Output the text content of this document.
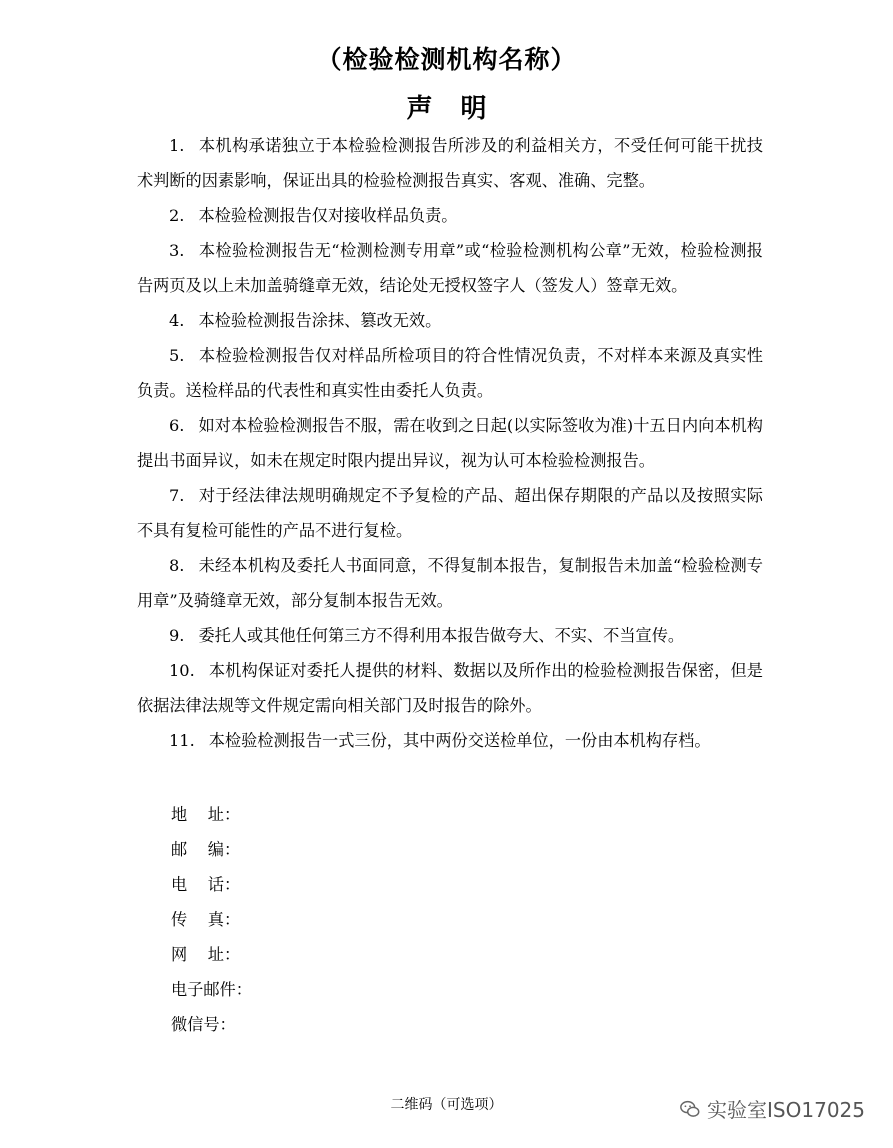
（检验检测机构名称）
声明

1. 本机构承诺独立于本检验检测报告所涉及的利益相关方，不受任何可能干扰技术判断的因素影响，保证出具的检验检测报告真实、客观、准确、完整。

2. 本检验检测报告仅对接收样品负责。

3. 本检验检测报告无“检测检测专用章”或“检验检测机构公章”无效，检验检测报告两页及以上未加盖骑缝章无效，结论处无授权签字人（签发人）签章无效。

4. 本检验检测报告涂抹、篡改无效。

5. 本检验检测报告仅对样品所检项目的符合性情况负责，不对样本来源及真实性负责。送检样品的代表性和真实性由委托人负责。

6. 如对本检验检测报告不服，需在收到之日起(以实际签收为准)十五日内向本机构提出书面异议，如未在规定时限内提出异议，视为认可本检验检测报告。

7. 对于经法律法规明确规定不予复检的产品、超出保存期限的产品以及按照实际不具有复检可能性的产品不进行复检。

8. 未经本机构及委托人书面同意，不得复制本报告，复制报告未加盖“检验检测专用章”及骑缝章无效，部分复制本报告无效。

9. 委托人或其他任何第三方不得利用本报告做夸大、不实、不当宣传。

10. 本机构保证对委托人提供的材料、数据以及所作出的检验检测报告保密，但是依据法律法规等文件规定需向相关部门及时报告的除外。

11. 本检验检测报告一式三份，其中两份交送检单位，一份由本机构存档。

地    址：
邮    编：
电    话：
传    真：
网    址：
电子邮件：
微信号：
二维码（可选项）	实验室ISO17025
